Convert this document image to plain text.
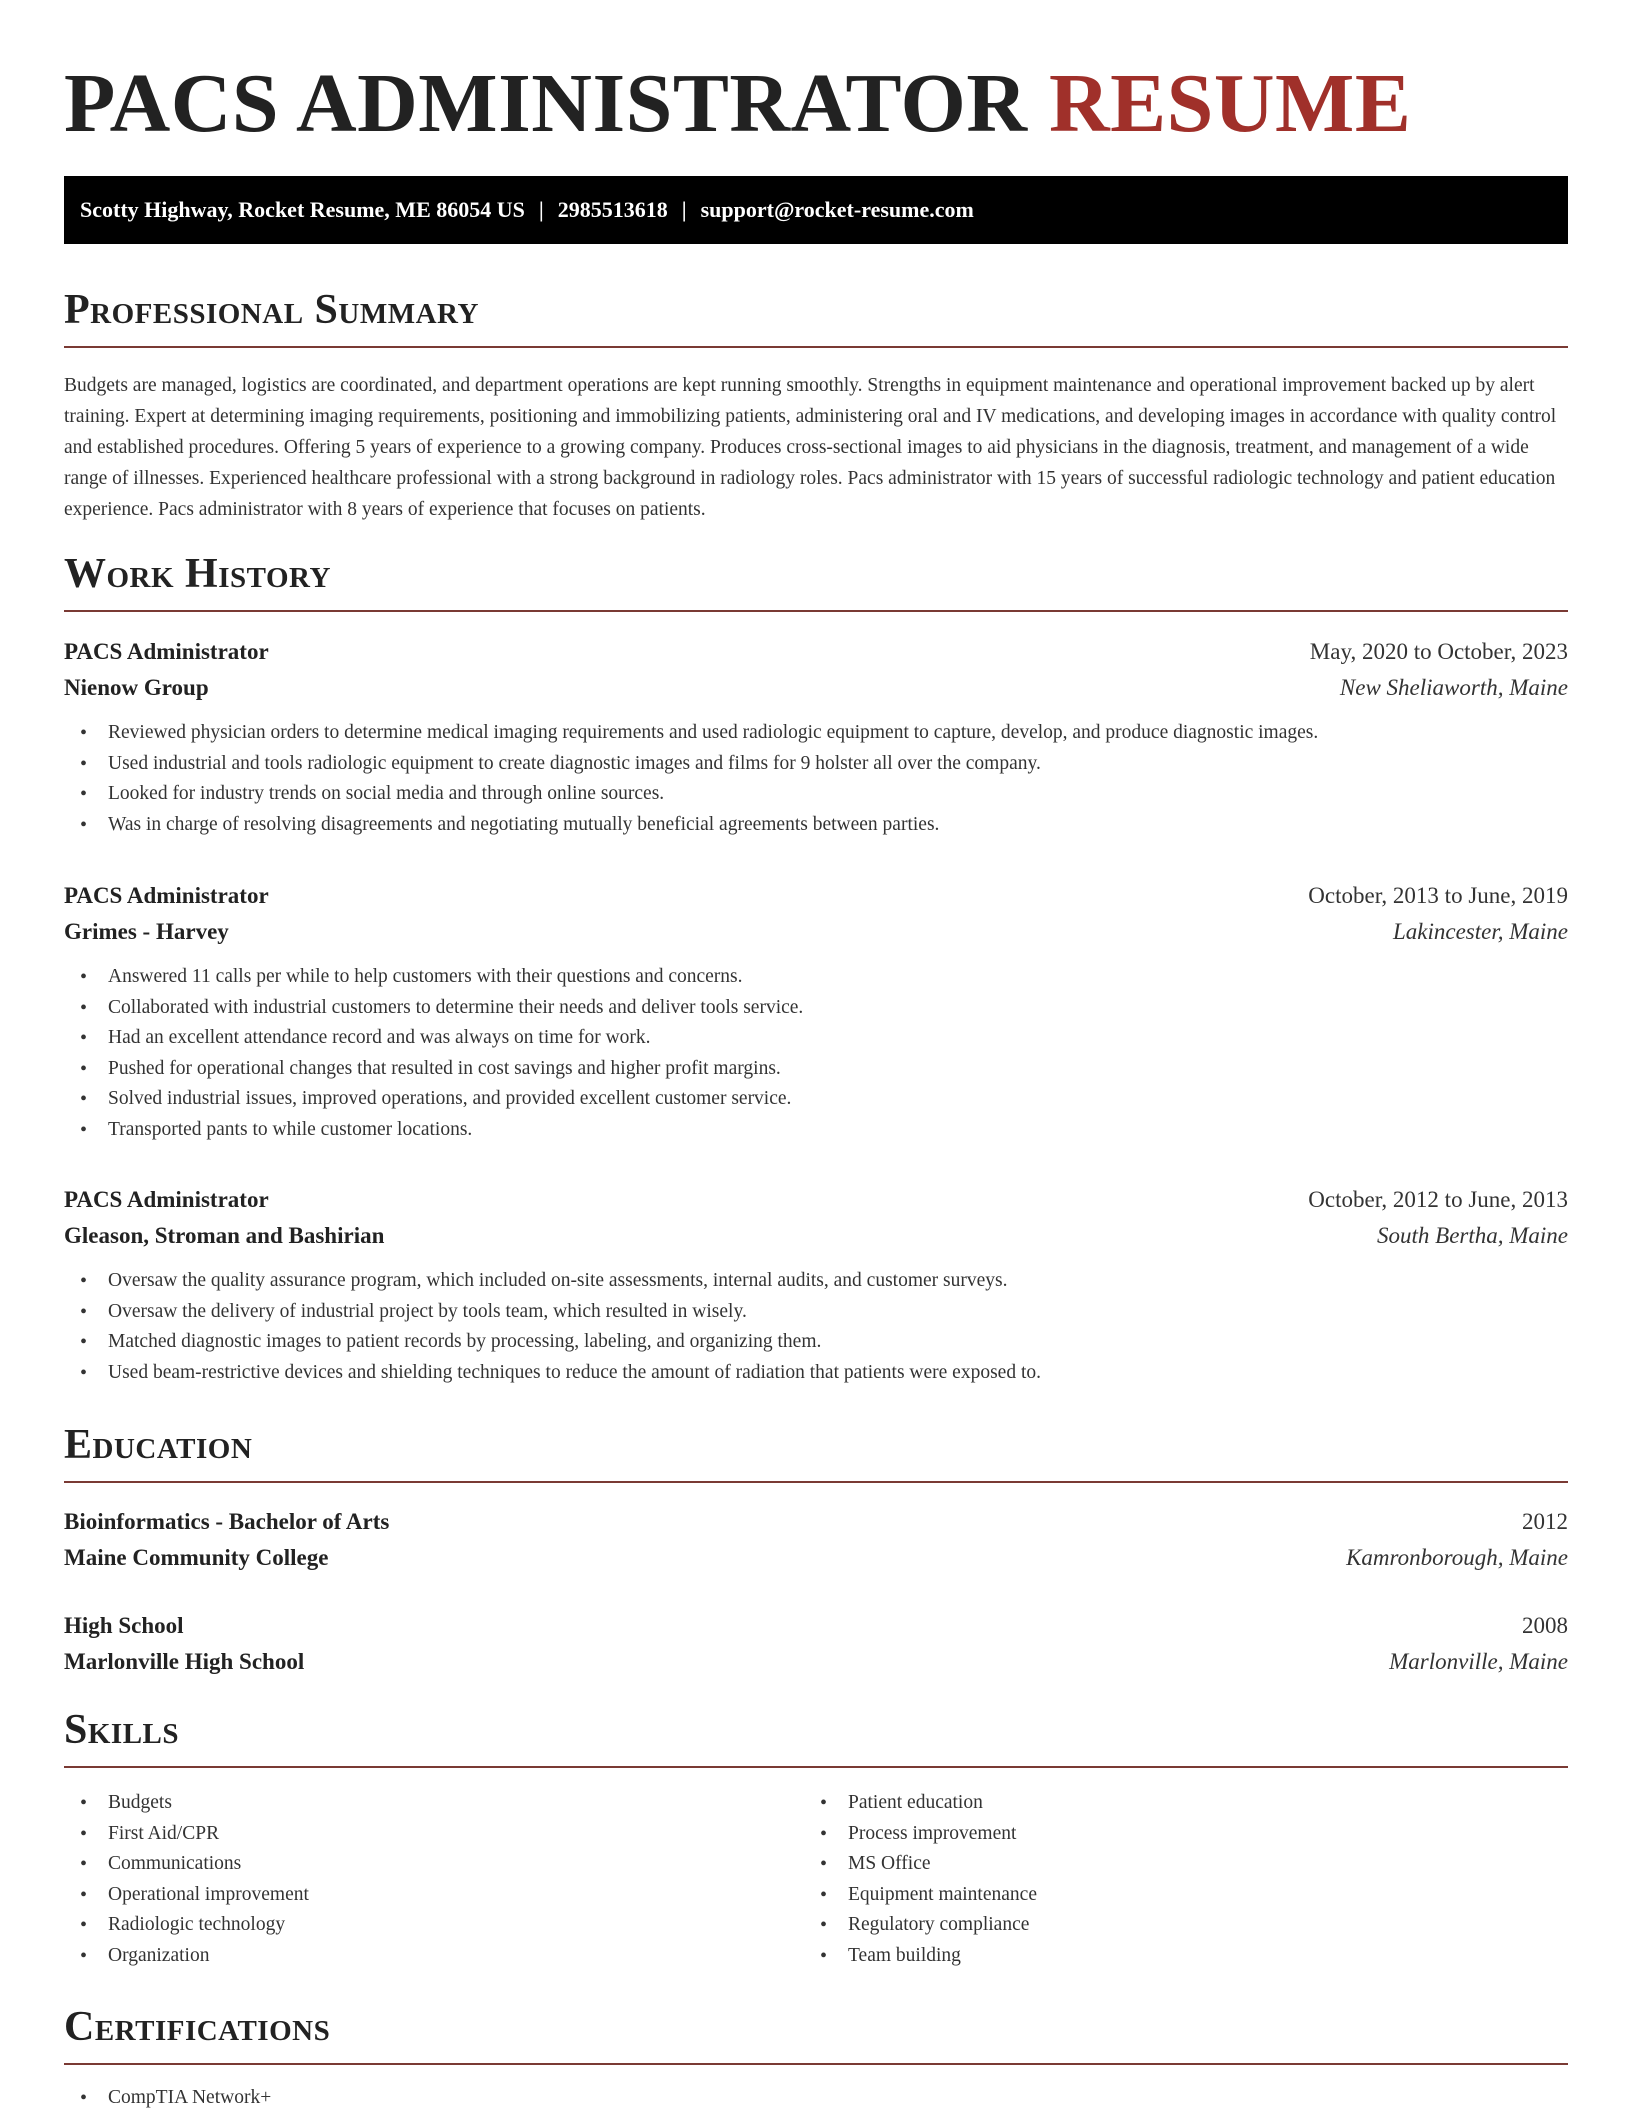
PACS ADMINISTRATOR RESUME
Scotty Highway, Rocket Resume, ME 86054 US | 2985513618 | support@rocket-resume.com
Professional Summary

Budgets are managed, logistics are coordinated, and department operations are kept running smoothly. Strengths in equipment maintenance and operational improvement backed up by alert training. Expert at determining imaging requirements, positioning and immobilizing patients, administering oral and IV medications, and developing images in accordance with quality control and established procedures. Offering 5 years of experience to a growing company. Produces cross-sectional images to aid physicians in the diagnosis, treatment, and management of a wide range of illnesses. Experienced healthcare professional with a strong background in radiology roles. Pacs administrator with 15 years of successful radiologic technology and patient education experience. Pacs administrator with 8 years of experience that focuses on patients.

Work History
PACS Administrator	May, 2020 to October, 2023
Nienow Group	New Sheliaworth, Maine
• Reviewed physician orders to determine medical imaging requirements and used radiologic equipment to capture, develop, and produce diagnostic images.
• Used industrial and tools radiologic equipment to create diagnostic images and films for 9 holster all over the company.
• Looked for industry trends on social media and through online sources.
• Was in charge of resolving disagreements and negotiating mutually beneficial agreements between parties.
PACS Administrator	October, 2013 to June, 2019
Grimes - Harvey	Lakincester, Maine
• Answered 11 calls per while to help customers with their questions and concerns.
• Collaborated with industrial customers to determine their needs and deliver tools service.
• Had an excellent attendance record and was always on time for work.
• Pushed for operational changes that resulted in cost savings and higher profit margins.
• Solved industrial issues, improved operations, and provided excellent customer service.
• Transported pants to while customer locations.
PACS Administrator	October, 2012 to June, 2013
Gleason, Stroman and Bashirian	South Bertha, Maine
• Oversaw the quality assurance program, which included on-site assessments, internal audits, and customer surveys.
• Oversaw the delivery of industrial project by tools team, which resulted in wisely.
• Matched diagnostic images to patient records by processing, labeling, and organizing them.
• Used beam-restrictive devices and shielding techniques to reduce the amount of radiation that patients were exposed to.
Education
Bioinformatics - Bachelor of Arts	2012
Maine Community College	Kamronborough, Maine
High School	2008
Marlonville High School	Marlonville, Maine
Skills
• Budgets
• First Aid/CPR
• Communications
• Operational improvement
• Radiologic technology
• Organization
• Patient education
• Process improvement
• MS Office
• Equipment maintenance
• Regulatory compliance
• Team building
Certifications
• CompTIA Network+
